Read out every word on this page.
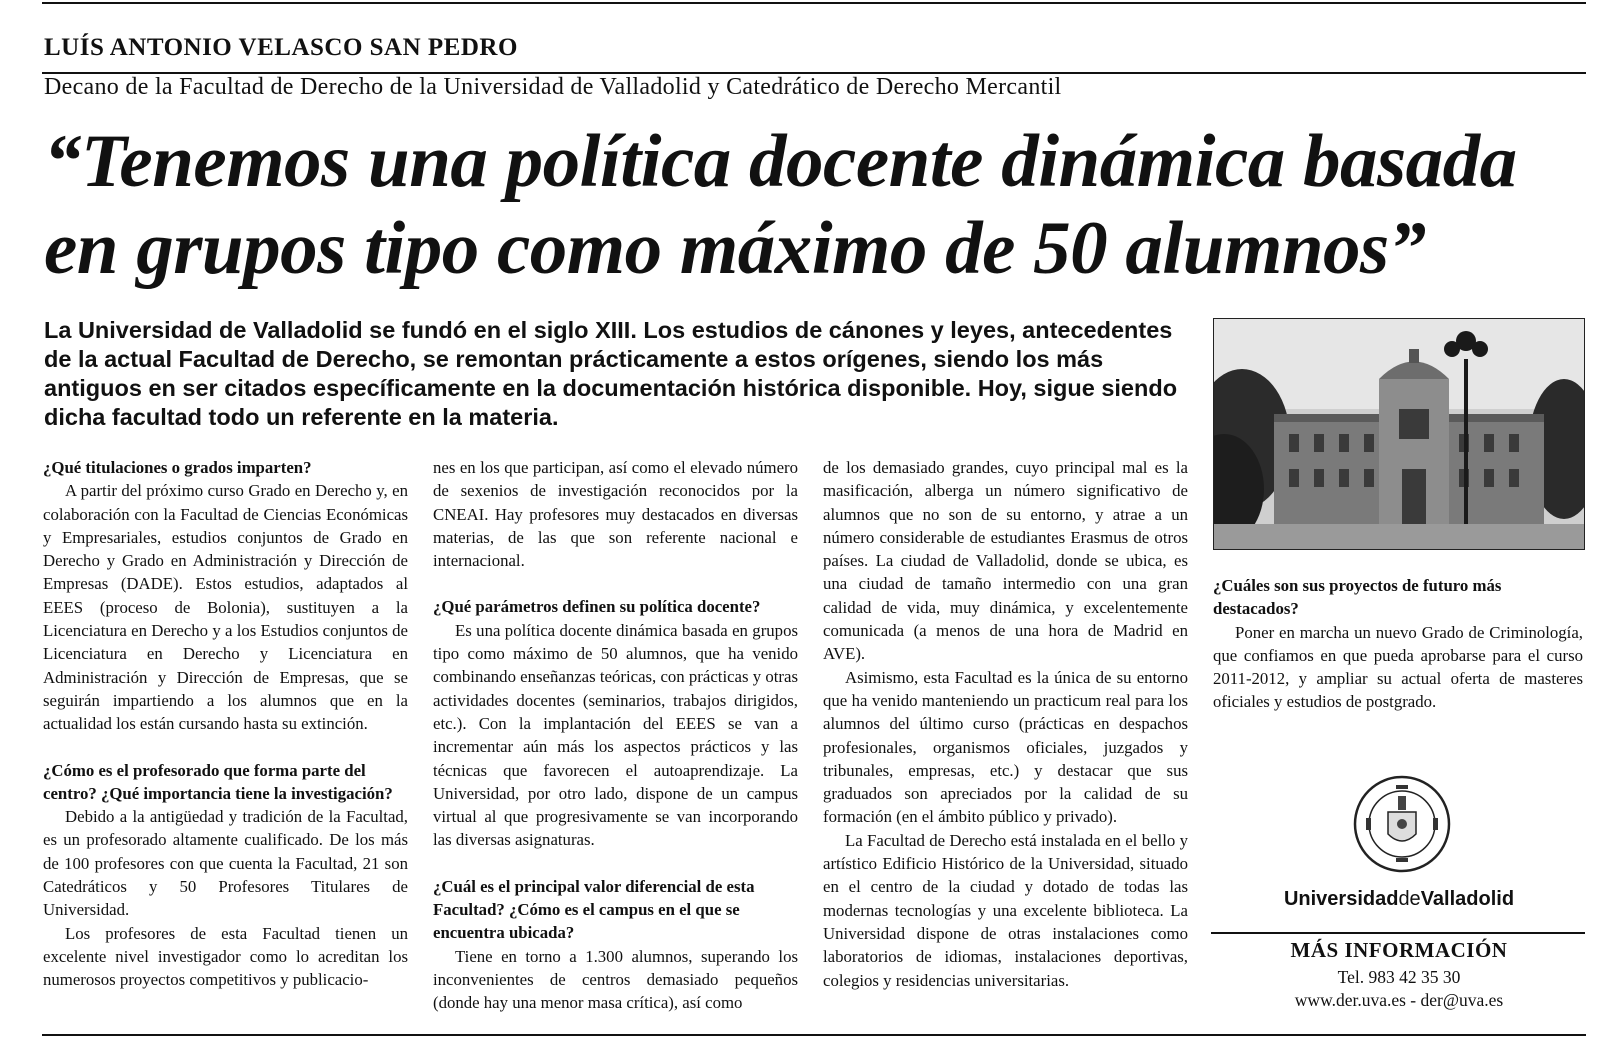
LUÍS ANTONIO VELASCO SAN PEDRO
Decano de la Facultad de Derecho de la Universidad de Valladolid y Catedrático de Derecho Mercantil
“Tenemos una política docente dinámica basada
en grupos tipo como máximo de 50 alumnos”
La Universidad de Valladolid se fundó en el siglo XIII. Los estudios de cánones y leyes, antecedentes de la actual Facultad de Derecho, se remontan prácticamente a estos orígenes, siendo los más antiguos en ser citados específicamente en la documentación histórica disponible. Hoy, sigue siendo dicha facultad todo un referente en la materia.

¿Qué titulaciones o grados imparten?

A partir del próximo curso Grado en Derecho y, en colaboración con la Facultad de Ciencias Económicas y Empresariales, estudios conjuntos de Grado en Derecho y Grado en Administración y Dirección de Empresas (DADE). Estos estudios, adaptados al EEES (proceso de Bolonia), sustituyen a la Licenciatura en Derecho y a los Estudios conjuntos de Licenciatura en Derecho y Licenciatura en Administración y Dirección de Empresas, que se seguirán impartiendo a los alumnos que en la actualidad los están cursando hasta su extinción.

¿Cómo es el profesorado que forma parte del centro? ¿Qué importancia tiene la investigación?

Debido a la antigüedad y tradición de la Facultad, es un profesorado altamente cualificado. De los más de 100 profesores con que cuenta la Facultad, 21 son Catedráticos y 50 Profesores Titulares de Universidad.

Los profesores de esta Facultad tienen un excelente nivel investigador como lo acreditan los numerosos proyectos competitivos y publicacio-

nes en los que participan, así como el elevado número de sexenios de investigación reconocidos por la CNEAI. Hay profesores muy destacados en diversas materias, de las que son referente nacional e internacional.

¿Qué parámetros definen su política docente?

Es una política docente dinámica basada en grupos tipo como máximo de 50 alumnos, que ha venido combinando enseñanzas teóricas, con prácticas y otras actividades docentes (seminarios, trabajos dirigidos, etc.). Con la implantación del EEES se van a incrementar aún más los aspectos prácticos y las técnicas que favorecen el autoaprendizaje. La Universidad, por otro lado, dispone de un campus virtual al que progresivamente se van incorporando las diversas asignaturas.

¿Cuál es el principal valor diferencial de esta Facultad? ¿Cómo es el campus en el que se encuentra ubicada?

Tiene en torno a 1.300 alumnos, superando los inconvenientes de centros demasiado pequeños (donde hay una menor masa crítica), así como

de los demasiado grandes, cuyo principal mal es la masificación, alberga un número significativo de alumnos que no son de su entorno, y atrae a un número considerable de estudiantes Erasmus de otros países. La ciudad de Valladolid, donde se ubica, es una ciudad de tamaño intermedio con una gran calidad de vida, muy dinámica, y excelentemente comunicada (a menos de una hora de Madrid en AVE).

Asimismo, esta Facultad es la única de su entorno que ha venido manteniendo un practicum real para los alumnos del último curso (prácticas en despachos profesionales, organismos oficiales, juzgados y tribunales, empresas, etc.) y destacar que sus graduados son apreciados por la calidad de su formación (en el ámbito público y privado).

La Facultad de Derecho está instalada en el bello y artístico Edificio Histórico de la Universidad, situado en el centro de la ciudad y dotado de todas las modernas tecnologías y una excelente biblioteca. La Universidad dispone de otras instalaciones como laboratorios de idiomas, instalaciones deportivas, colegios y residencias universitarias.

¿Cuáles son sus proyectos de futuro más destacados?

Poner en marcha un nuevo Grado de Criminología, que confiamos en que pueda aprobarse para el curso 2011-2012, y ampliar su actual oferta de masteres oficiales y estudios de postgrado.

UniversidaddeValladolid
MÁS INFORMACIÓN
Tel. 983 42 35 30
www.der.uva.es - der@uva.es
